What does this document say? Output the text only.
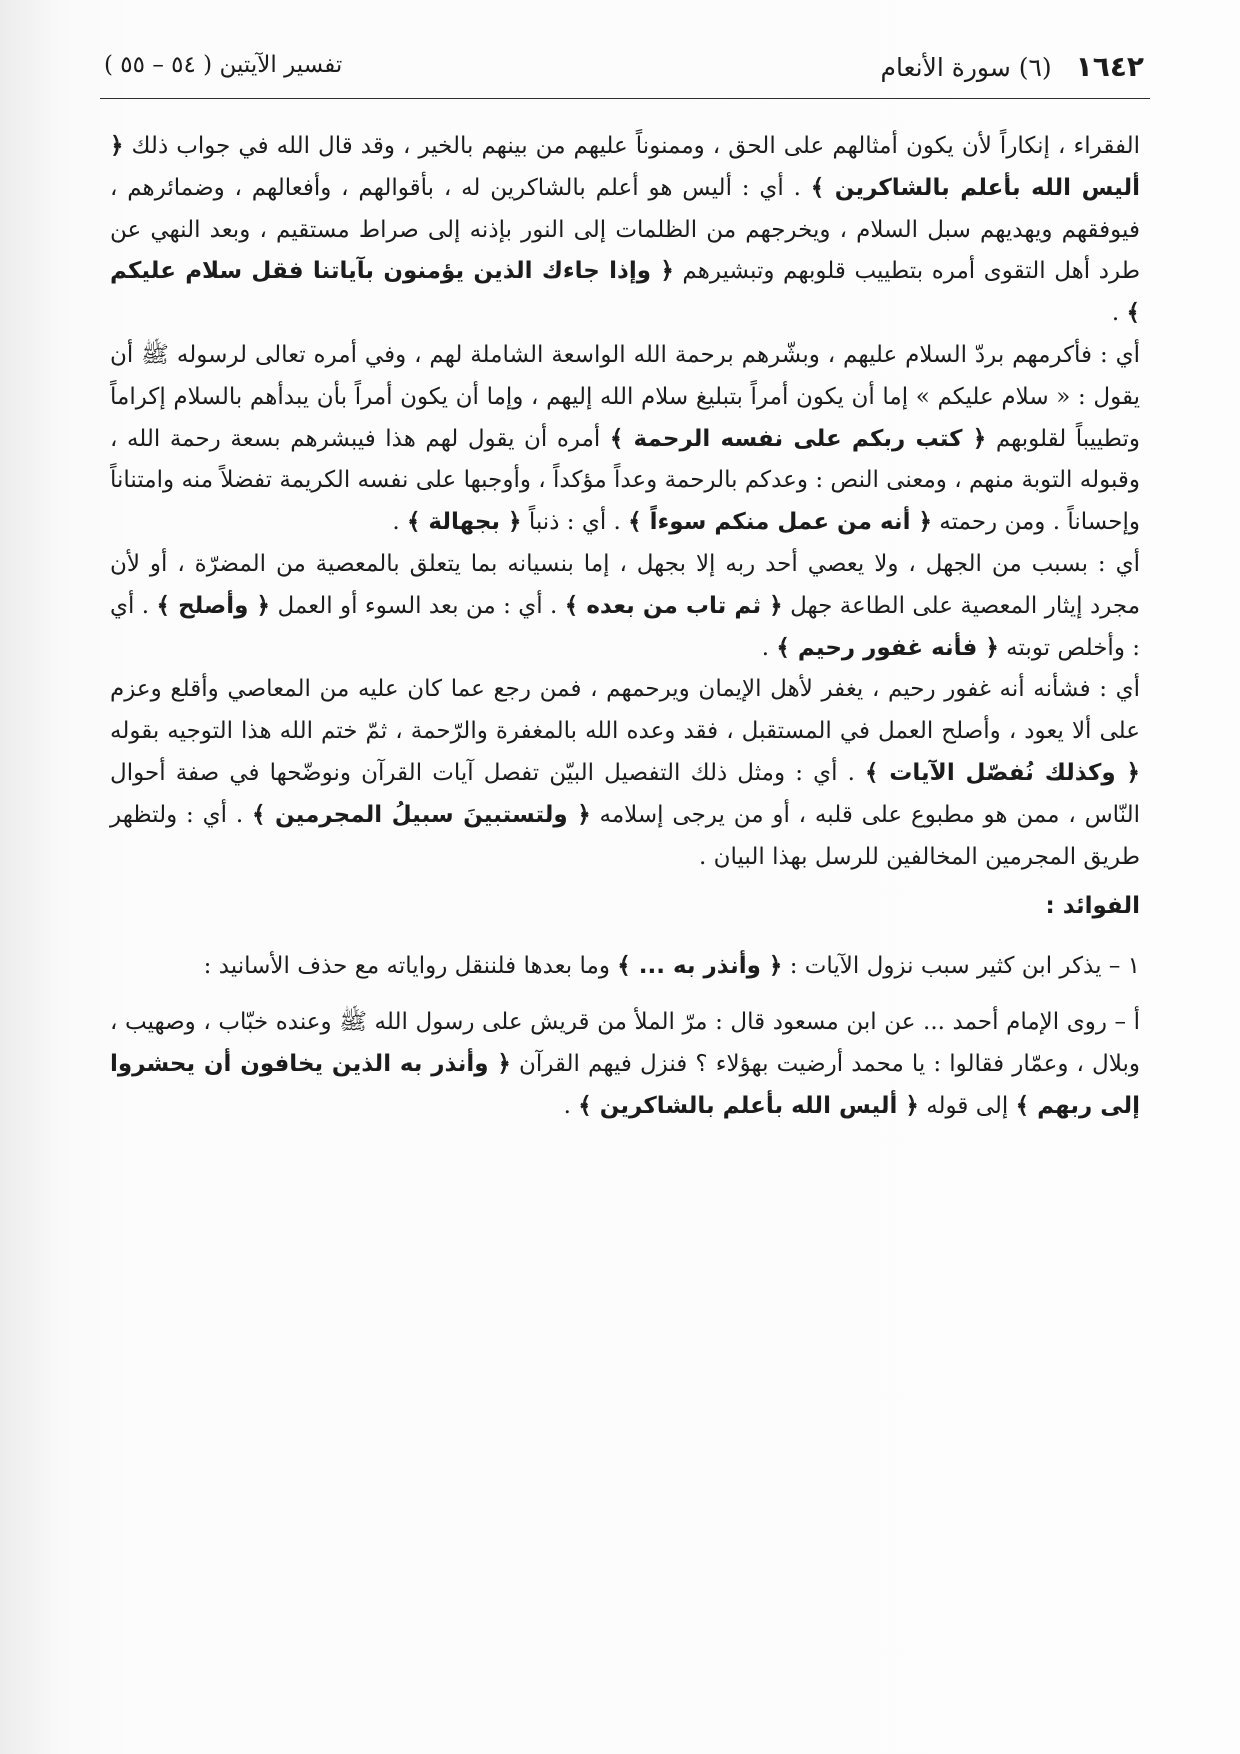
١٦٤٢ (٦) سورة الأنعام
تفسير الآيتين ( ٥٤ – ٥٥ )

الفقراء ، إنكاراً لأن يكون أمثالهم على الحق ، وممنوناً عليهم من بينهم بالخير ، وقد قال الله في جواب ذلك ﴿ أليس الله بأعلم بالشاكرين ﴾ . أي : أليس هو أعلم بالشاكرين له ، بأقوالهم ، وأفعالهم ، وضمائرهم ، فيوفقهم ويهديهم سبل السلام ، ويخرجهم من الظلمات إلى النور بإذنه إلى صراط مستقيم ، وبعد النهي عن طرد أهل التقوى أمره بتطييب قلوبهم وتبشيرهم ﴿ وإذا جاءك الذين يؤمنون بآياتنا فقل سلام عليكم ﴾ .

أي : فأكرمهم بردّ السلام عليهم ، وبشّرهم برحمة الله الواسعة الشاملة لهم ، وفي أمره تعالى لرسوله ﷺ أن يقول : « سلام عليكم » إما أن يكون أمراً بتبليغ سلام الله إليهم ، وإما أن يكون أمراً بأن يبدأهم بالسلام إكراماً وتطييباً لقلوبهم ﴿ كتب ربكم على نفسه الرحمة ﴾ أمره أن يقول لهم هذا فيبشرهم بسعة رحمة الله ، وقبوله التوبة منهم ، ومعنى النص : وعدكم بالرحمة وعداً مؤكداً ، وأوجبها على نفسه الكريمة تفضلاً منه وامتناناً وإحساناً . ومن رحمته ﴿ أنه من عمل منكم سوءاً ﴾ . أي : ذنباً ﴿ بجهالة ﴾ .

أي : بسبب من الجهل ، ولا يعصي أحد ربه إلا بجهل ، إما بنسيانه بما يتعلق بالمعصية من المضرّة ، أو لأن مجرد إيثار المعصية على الطاعة جهل ﴿ ثم تاب من بعده ﴾ . أي : من بعد السوء أو العمل ﴿ وأصلح ﴾ . أي : وأخلص توبته ﴿ فأنه غفور رحيم ﴾ .

أي : فشأنه أنه غفور رحيم ، يغفر لأهل الإيمان ويرحمهم ، فمن رجع عما كان عليه من المعاصي وأقلع وعزم على ألا يعود ، وأصلح العمل في المستقبل ، فقد وعده الله بالمغفرة والرّحمة ، ثمّ ختم الله هذا التوجيه بقوله ﴿ وكذلك نُفصّل الآيات ﴾ . أي : ومثل ذلك التفصيل البيّن تفصل آيات القرآن ونوضّحها في صفة أحوال النّاس ، ممن هو مطبوع على قلبه ، أو من يرجى إسلامه ﴿ ولتستبينَ سبيلُ المجرمين ﴾ . أي : ولتظهر طريق المجرمين المخالفين للرسل بهذا البيان .

الفوائد :

١ – يذكر ابن كثير سبب نزول الآيات : ﴿ وأنذر به ... ﴾ وما بعدها فلننقل رواياته مع حذف الأسانيد :

أ – روى الإمام أحمد ... عن ابن مسعود قال : مرّ الملأ من قريش على رسول الله ﷺ وعنده خبّاب ، وصهيب ، وبلال ، وعمّار فقالوا : يا محمد أرضيت بهؤلاء ؟ فنزل فيهم القرآن ﴿ وأنذر به الذين يخافون أن يحشروا إلى ربهم ﴾ إلى قوله ﴿ أليس الله بأعلم بالشاكرين ﴾ .
